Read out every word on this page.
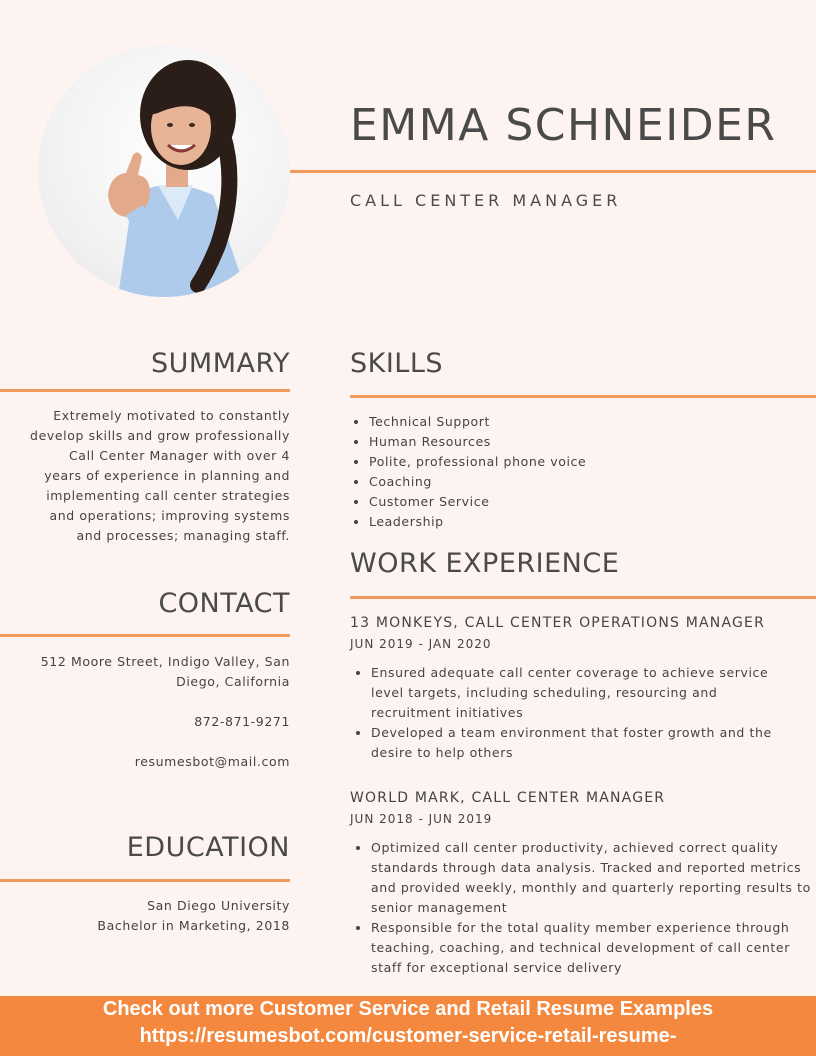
EMMA SCHNEIDER
CALL CENTER MANAGER
SUMMARY
Extremely motivated to constantly develop skills and grow professionally Call Center Manager with over 4 years of experience in planning and implementing call center strategies and operations; improving systems and processes; managing staff.
CONTACT
512 Moore Street, Indigo Valley, San Diego, California
872-871-9271
resumesbot@mail.com
EDUCATION
San Diego University
Bachelor in Marketing, 2018
SKILLS
• Technical Support
• Human Resources
• Polite, professional phone voice
• Coaching
• Customer Service
• Leadership
WORK EXPERIENCE
13 MONKEYS, CALL CENTER OPERATIONS MANAGER
JUN 2019 - JAN 2020
• Ensured adequate call center coverage to achieve service level targets, including scheduling, resourcing and recruitment initiatives
• Developed a team environment that foster growth and the desire to help others
WORLD MARK, CALL CENTER MANAGER
JUN 2018 - JUN 2019
• Optimized call center productivity, achieved correct quality standards through data analysis. Tracked and reported metrics and provided weekly, monthly and quarterly reporting results to senior management
• Responsible for the total quality member experience through teaching, coaching, and technical development of call center staff for exceptional service delivery
Check out more Customer Service and Retail Resume Examples
https://resumesbot.com/customer-service-retail-resume-
